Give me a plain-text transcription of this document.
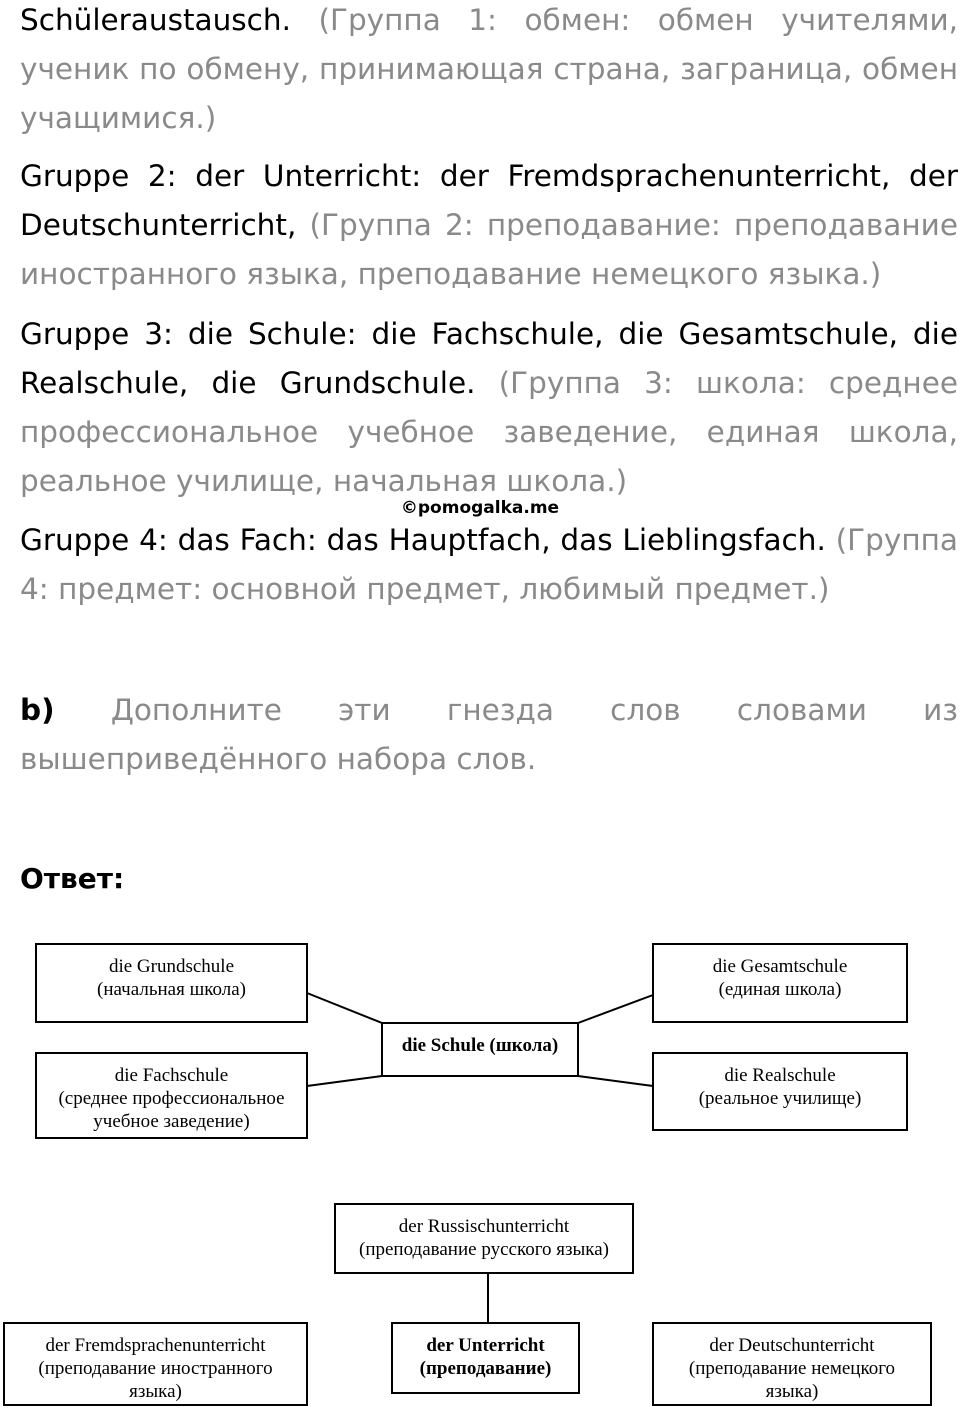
Schüleraustausch. (Группа 1: обмен: обмен учителями, ученик по обмену, принимающая страна, заграница, обмен учащимися.)
Gruppe 2: der Unterricht: der Fremdsprachenunterricht, der Deutschunterricht, (Группа 2: преподавание: преподавание иностранного языка, преподавание немецкого языка.)
Gruppe 3: die Schule: die Fachschule, die Gesamtschule, die Realschule, die Grundschule. (Группа 3: школа: среднее профессиональное учебное заведение, единая школа, реальное училище, начальная школа.)
©pomogalka.me
Gruppe 4: das Fach: das Hauptfach, das Lieblingsfach. (Группа 4: предмет: основной предмет, любимый предмет.)
b) Дополните эти гнезда слов словами из вышеприведённого набора слов.
Ответ:
die Grundschule
(начальная школа)
die Fachschule
(среднее профессиональное
учебное заведение)
die Schule (школа)
die Gesamtschule
(единая школа)
die Realschule
(реальное училище)
der Russischunterricht
(преподавание русского языка)
der Fremdsprachenunterricht
(преподавание иностранного
языка)
der Unterricht
(преподавание)
der Deutschunterricht
(преподавание немецкого
языка)
